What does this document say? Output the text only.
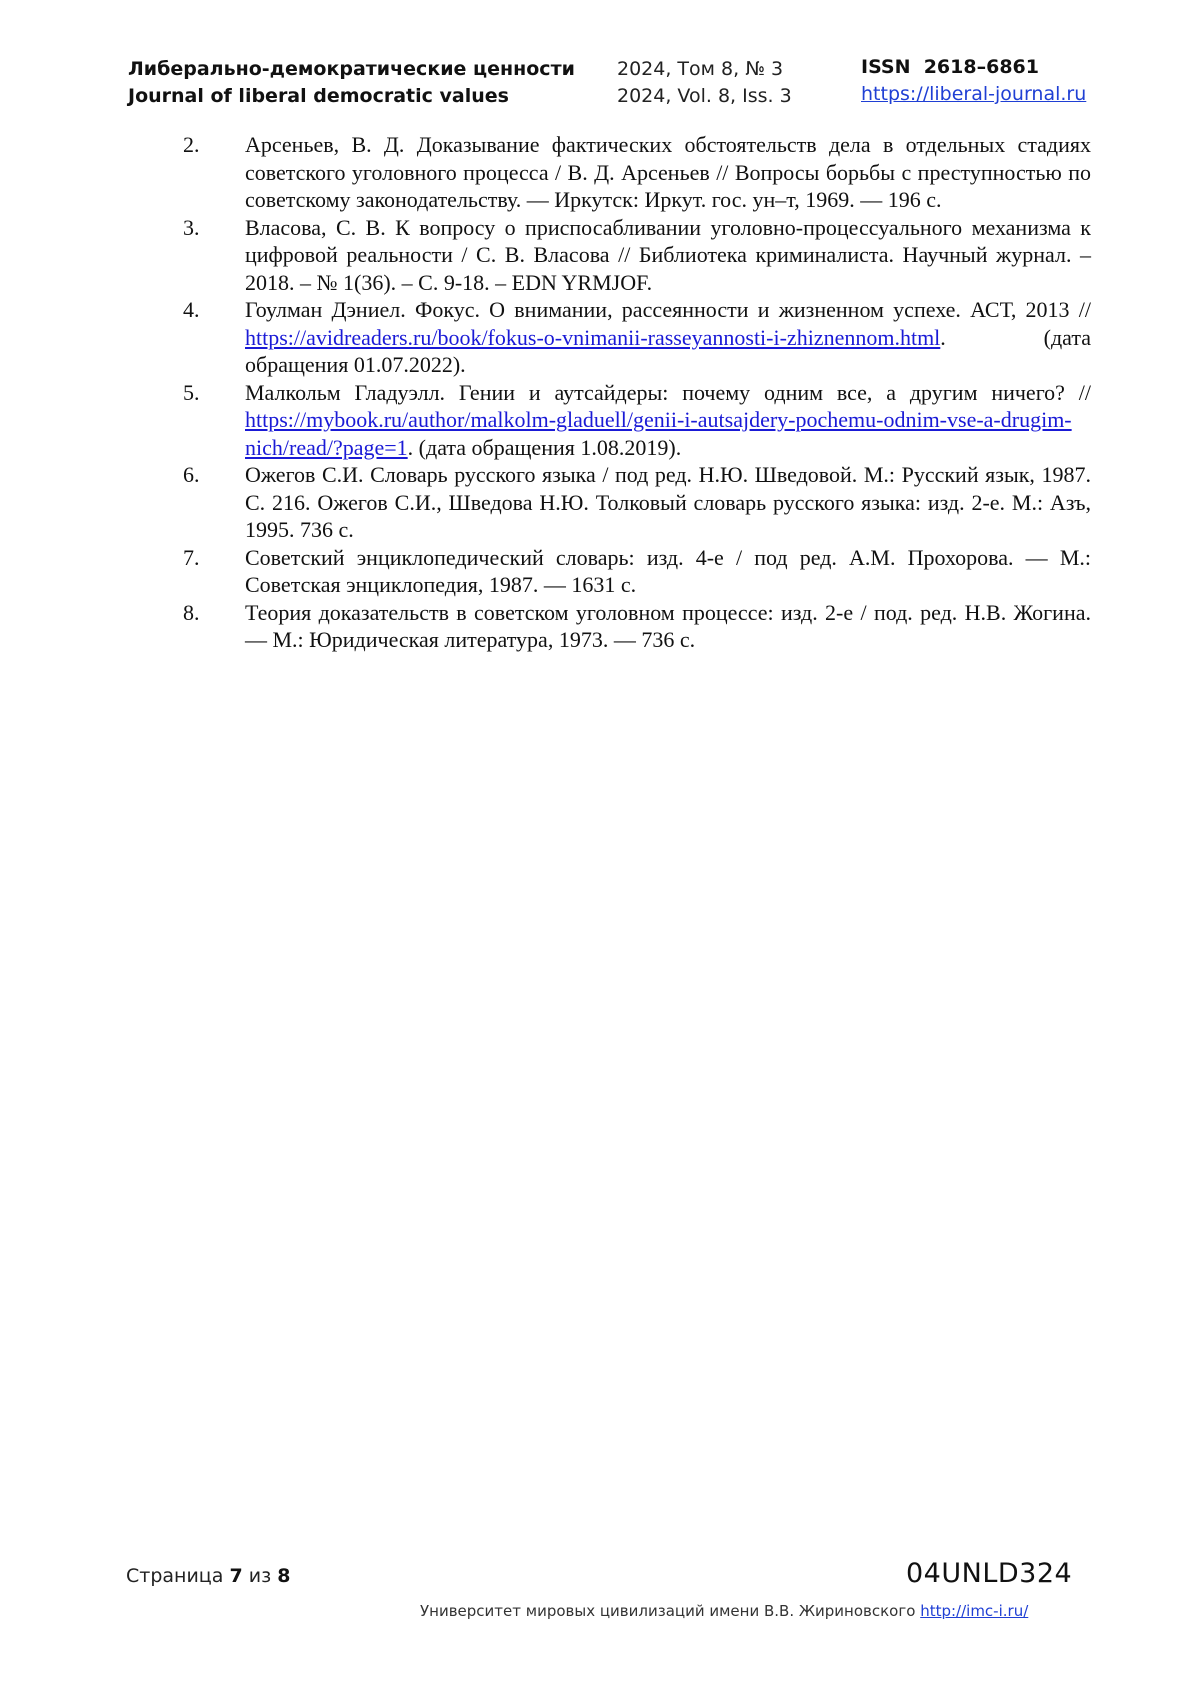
Либерально-демократические ценности
Journal of liberal democratic values
2024, Том 8, № 3
2024, Vol. 8, Iss. 3
ISSN  2618–6861
https://liberal-journal.ru
2. Арсеньев, В. Д. Доказывание фактических обстоятельств дела в отдельных стадиях советского уголовного процесса / В. Д. Арсеньев // Вопросы борьбы с преступностью по советскому законодательству. — Иркутск: Иркут. гос. ун–т, 1969. — 196 с.
3. Власова, С. В. К вопросу о приспосабливании уголовно-процессуального механизма к цифровой реальности / С. В. Власова // Библиотека криминалиста. Научный журнал. – 2018. – № 1(36). – С. 9-18. – EDN YRMJOF.
4. Гоулман Дэниел. Фокус. О внимании, рассеянности и жизненном успехе. АСТ, 2013 // https://avidreaders.ru/book/fokus-o-vnimanii-rasseyannosti-i-zhiznennom.html. (дата обращения 01.07.2022).
5. Малкольм Гладуэлл. Гении и аутсайдеры: почему одним все, а другим ничего? // https://mybook.ru/author/malkolm-gladuell/genii-i-autsajdery-pochemu-odnim-vse-a-drugim-nich/read/?page=1. (дата обращения 1.08.2019).
6. Ожегов С.И. Словарь русского языка / под ред. Н.Ю. Шведовой. М.: Русский язык, 1987. С. 216. Ожегов С.И., Шведова Н.Ю. Толковый словарь русского языка: изд. 2-е. М.: Азъ, 1995. 736 с.
7. Советский энциклопедический словарь: изд. 4-е / под ред. А.М. Прохорова. — М.: Советская энциклопедия, 1987. — 1631 с.
8. Теория доказательств в советском уголовном процессе: изд. 2-е / под. ред. Н.В. Жогина. — М.: Юридическая литература, 1973. — 736 с.
Страница 7 из 8	04UNLD324
Университет мировых цивилизаций имени В.В. Жириновского http://imc-i.ru/
